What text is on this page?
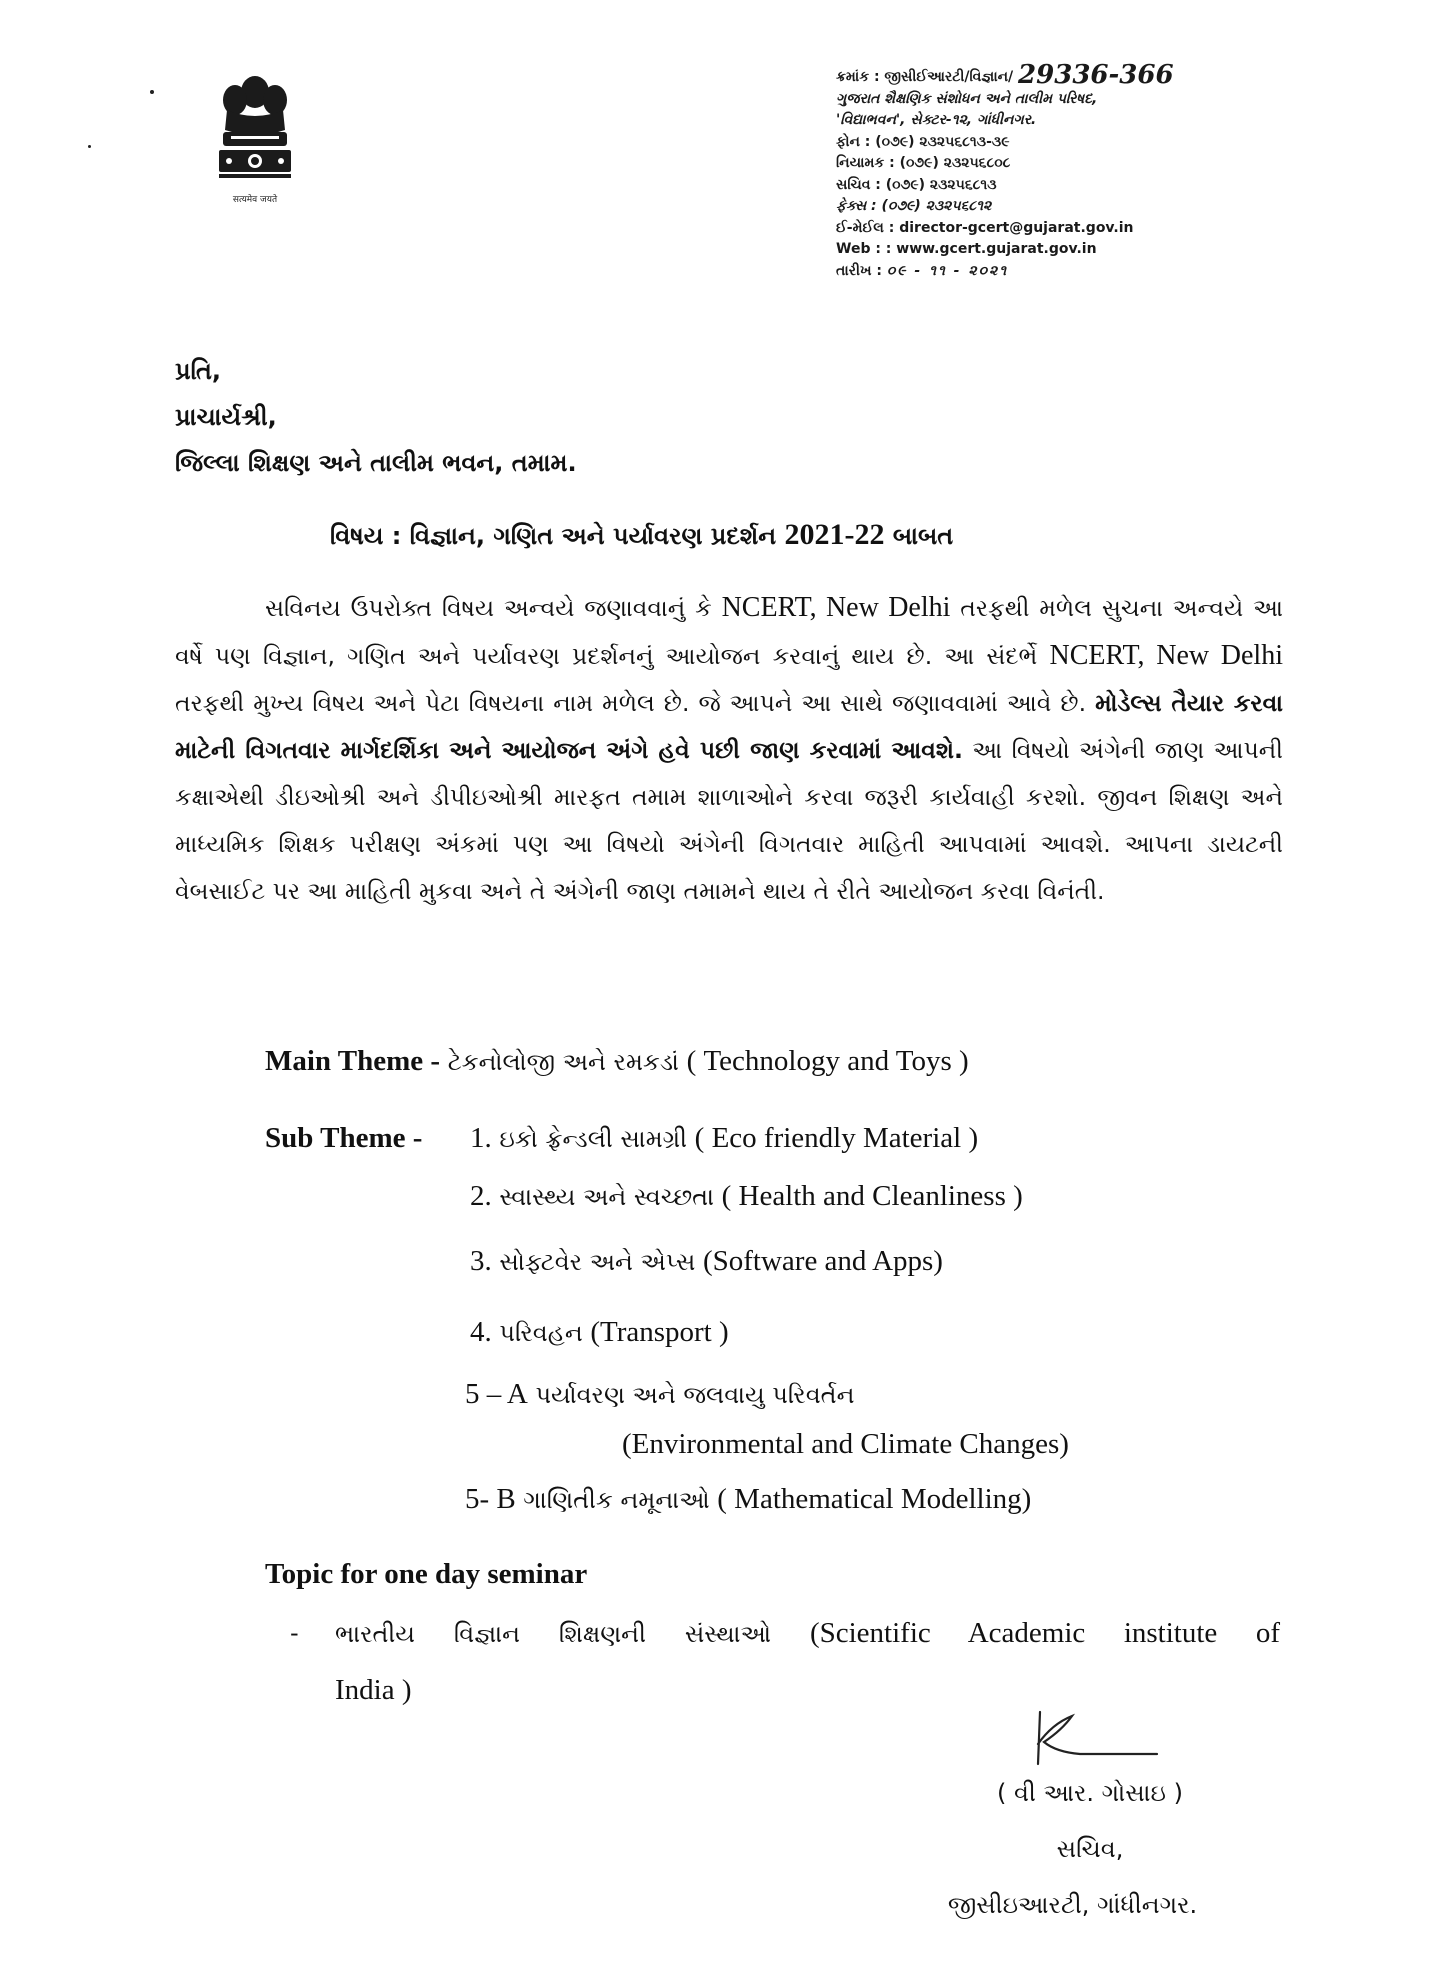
सत्यमेव जयते
ક્રમાંક : જીસીઈઆરટી/વિજ્ઞાન/ 29336-366
ગુજરાત શૈક્ષણિક સંશોધન અને તાલીમ પરિષદ,
'વિદ્યાભવન', સેક્ટર-૧૨, ગાંધીનગર.
ફોન : (૦૭૯) ૨૩૨૫૬૮૧૩-૩૯
નિયામક : (૦૭૯) ૨૩૨૫૬૮૦૮
સચિવ : (૦૭૯) ૨૩૨૫૬૮૧૩
ફેક્સ : (૦૭૯) ૨૩૨૫૬૮૧૨
ઈ-મેઈલ : director-gcert@gujarat.gov.in
Web : : www.gcert.gujarat.gov.in
તારીખ : ૦૯ - ૧૧ - ૨૦૨૧
પ્રતિ,
પ્રાચાર્યશ્રી,
જિલ્લા શિક્ષણ અને તાલીમ ભવન, તમામ.
વિષય : વિજ્ઞાન, ગણિત અને પર્યાવરણ પ્રદર્શન 2021-22 બાબત
સવિનય ઉપરોક્ત વિષય અન્વયે જણાવવાનું કે NCERT, New Delhi તરફથી મળેલ સુચના અન્વયે આ વર્ષે પણ વિજ્ઞાન, ગણિત અને પર્યાવરણ પ્રદર્શનનું આયોજન કરવાનું થાય છે. આ સંદર્ભે NCERT, New Delhi તરફથી મુખ્ય વિષય અને પેટા વિષયના નામ મળેલ છે. જે આપને આ સાથે જણાવવામાં આવે છે. મોડેલ્સ તૈયાર કરવા માટેની વિગતવાર માર્ગદર્શિકા અને આયોજન અંગે હવે પછી જાણ કરવામાં આવશે. આ વિષયો અંગેની જાણ આપની કક્ષાએથી ડીઇઓશ્રી અને ડીપીઇઓશ્રી મારફત તમામ શાળાઓને કરવા જરૂરી કાર્યવાહી કરશો. જીવન શિક્ષણ અને માધ્યમિક શિક્ષક પરીક્ષણ અંકમાં પણ આ વિષયો અંગેની વિગતવાર માહિતી આપવામાં આવશે. આપના ડાયટની વેબસાઈટ પર આ માહિતી મુકવા અને તે અંગેની જાણ તમામને થાય તે રીતે આયોજન કરવા વિનંતી.
Main Theme - ટેકનોલોજી અને રમકડાં ( Technology and Toys )
Sub Theme - 1. ઇકો ફ્રેન્ડલી સામગ્રી ( Eco friendly Material )
2. સ્વાસ્થ્ય અને સ્વચ્છતા ( Health and Cleanliness )
3. સોફ્ટવેર અને એપ્સ (Software and Apps)
4. પરિવહન (Transport )
5 – A પર્યાવરણ અને જલવાયુ પરિવર્તન
(Environmental and Climate Changes)
5- B ગાણિતીક નમૂનાઓ ( Mathematical Modelling)
Topic for one day seminar
-	ભારતીય વિજ્ઞાન શિક્ષણની સંસ્થાઓ (Scientific Academic institute of
India )
( વી આર. ગોસાઇ )
સચિવ,
જીસીઇઆરટી, ગાંધીનગર.
